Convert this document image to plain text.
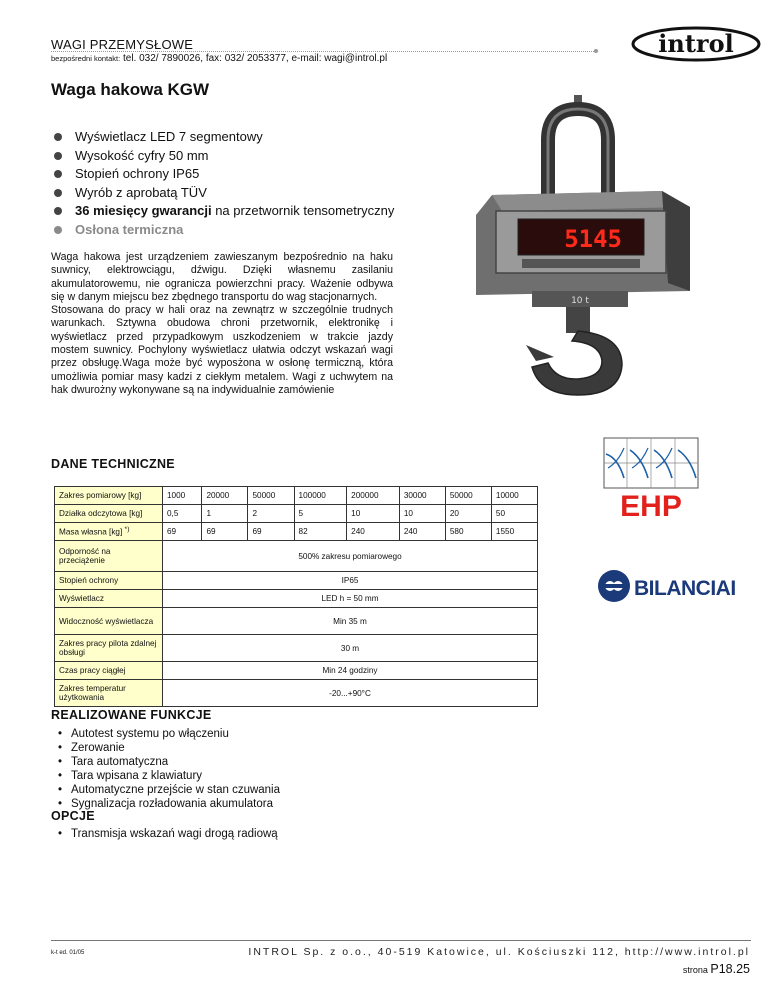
WAGI PRZEMYSŁOWE
bezpośredni kontakt: tel. 032/ 7890026, fax: 032/ 2053377, e-mail: wagi@introl.pl
introl
Waga hakowa KGW
Wyświetlacz LED 7 segmentowy
Wysokość cyfry 50 mm
Stopień ochrony IP65
Wyrób z aprobatą TÜV
36 miesięcy gwarancji na przetwornik tensometryczny
Osłona termiczna

Waga hakowa jest urządzeniem zawieszanym bezpośrednio na haku suwnicy, elektrowciągu, dźwigu. Dzięki własnemu zasilaniu akumulatorowemu, nie ogranicza powierzchni pracy. Ważenie odbywa się w danym miejscu bez zbędnego transportu do wag stacjonarnych.

Stosowana do pracy w hali oraz na zewnątrz w szczególnie trudnych warunkach. Sztywna obudowa chroni przetwornik, elektronikę i wyświetlacz przed przypadkowym uszkodzeniem w trakcie jazdy mostem suwnicy. Pochylony wyświetlacz ułatwia odczyt wskazań wagi przez obsługę.Waga może być wyposżona w osłonę termiczną, która umożliwia pomiar masy kadzi z ciekłym metalem. Wagi z uchwytem na hak dwurożny wykonywane są na indywidualnie zamówienie

5145
10 t
DANE TECHNICZNE
Zakres pomiarowy [kg]	1000	20000	50000	100000	200000	30000	50000	10000
Działka odczytowa [kg]	0,5	1	2	5	10	10	20	50
Masa własna [kg] *)	69	69	69	82	240	240	580	1550
Odporność na przeciążenie	500% zakresu pomiarowego							
Stopień ochrony	IP65							
Wyświetlacz	LED h = 50 mm							
Widoczność wyświetlacza	Min 35 m							
Zakres pracy pilota zdalnej obsługi	30 m							
Czas pracy ciągłej	Min 24 godziny							
Zakres temperatur użytkowania	-20...+90°C							
EHP
BILANCIAI
REALIZOWANE FUNKCJE
• Autotest systemu po włączeniu
• Zerowanie
• Tara automatyczna
• Tara wpisana z klawiatury
• Automatyczne przejście w stan czuwania
• Sygnalizacja rozładowania akumulatora
OPCJE
• Transmisja wskazań wagi drogą radiową
k-t ed. 01/05	INTROL Sp. z o.o., 40-519 Katowice, ul. Kościuszki 112, http://www.introl.pl
strona P18.25
